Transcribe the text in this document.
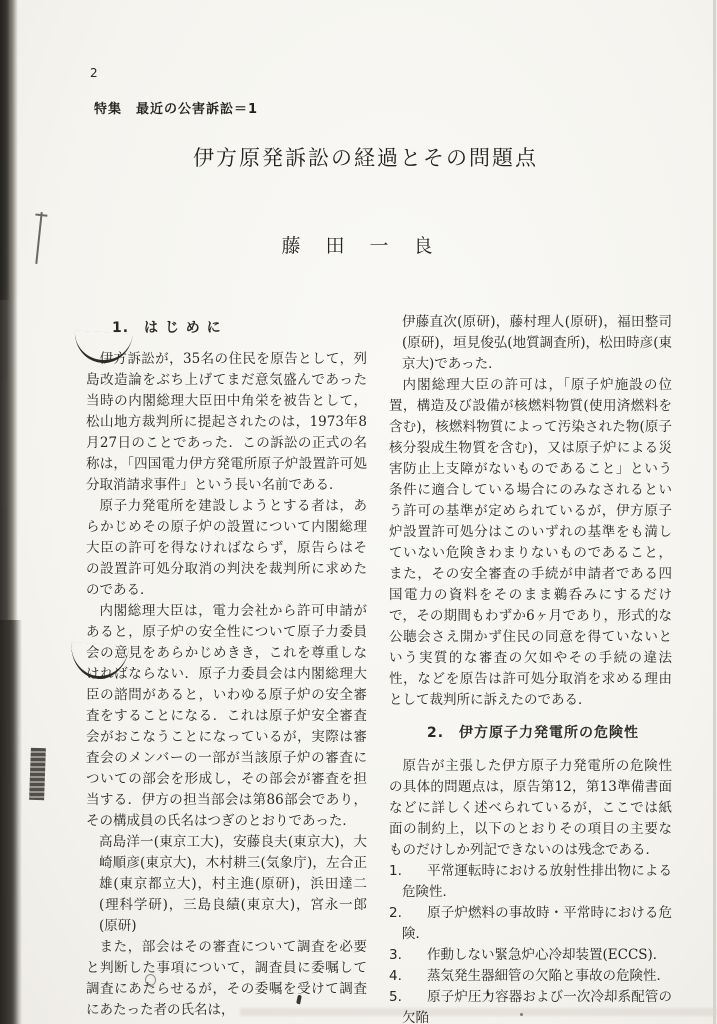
2
特集　最近の公害訴訟＝1
伊方原発訴訟の経過とその問題点
藤　田　一　良
1.　は じ め に

伊方訴訟が，35名の住民を原告として，列島改造論をぶち上げてまだ意気盛んであった当時の内閣総理大臣田中角栄を被告として，松山地方裁判所に提起されたのは，1973年8月27日のことであった．この訴訟の正式の名称は，「四国電力伊方発電所原子炉設置許可処分取消請求事件」という長い名前である．

原子力発電所を建設しようとする者は，あらかじめその原子炉の設置について内閣総理大臣の許可を得なければならず，原告らはその設置許可処分取消の判決を裁判所に求めたのである．

内閣総理大臣は，電力会社から許可申請があると，原子炉の安全性について原子力委員会の意見をあらかじめきき，これを尊重しなければならない．原子力委員会は内閣総理大臣の諮問があると，いわゆる原子炉の安全審査をすることになる．これは原子炉安全審査会がおこなうことになっているが，実際は審査会のメンバーの一部が当該原子炉の審査についての部会を形成し，その部会が審査を担当する．伊方の担当部会は第86部会であり，その構成員の氏名はつぎのとおりであった．

高島洋一(東京工大)，安藤良夫(東京大)，大崎順彦(東京大)，木村耕三(気象庁)，左合正雄(東京都立大)，村主進(原研)，浜田達二(理科学研)，三島良績(東京大)，宮永一郎(原研)

また，部会はその審査について調査を必要と判断した事項について，調査員に委嘱して調査にあたらせるが，その委嘱を受けて調査にあたった者の氏名は，

伊藤直次(原研)，藤村理人(原研)，福田整司(原研)，垣見俊弘(地質調査所)，松田時彦(東京大)であった．

内閣総理大臣の許可は，「原子炉施設の位置，構造及び設備が核燃料物質(使用済燃料を含む)，核燃料物質によって汚染された物(原子核分裂成生物質を含む)，又は原子炉による災害防止上支障がないものであること」という条件に適合している場合にのみなされるという許可の基準が定められているが，伊方原子炉設置許可処分はこのいずれの基準をも満していない危険きわまりないものであること，また，その安全審査の手続が申請者である四国電力の資料をそのまま鵜呑みにするだけで，その期間もわずか6ヶ月であり，形式的な公聴会さえ開かず住民の同意を得ていないという実質的な審査の欠如やその手続の違法性，などを原告は許可処分取消を求める理由として裁判所に訴えたのである．

2.　伊方原子力発電所の危険性

原告が主張した伊方原子力発電所の危険性の具体的問題点は，原告第12，第13準備書面などに詳しく述べられているが，ここでは紙面の制約上，以下のとおりその項目の主要なものだけしか列記できないのは残念である．

1. 平常運転時における放射性排出物による危険性．

2. 原子炉燃料の事故時・平常時における危険．

3. 作動しない緊急炉心冷却装置(ECCS)．

4. 蒸気発生器細管の欠陥と事故の危険性．

5. 原子炉圧力容器および一次冷却系配管の欠陥
